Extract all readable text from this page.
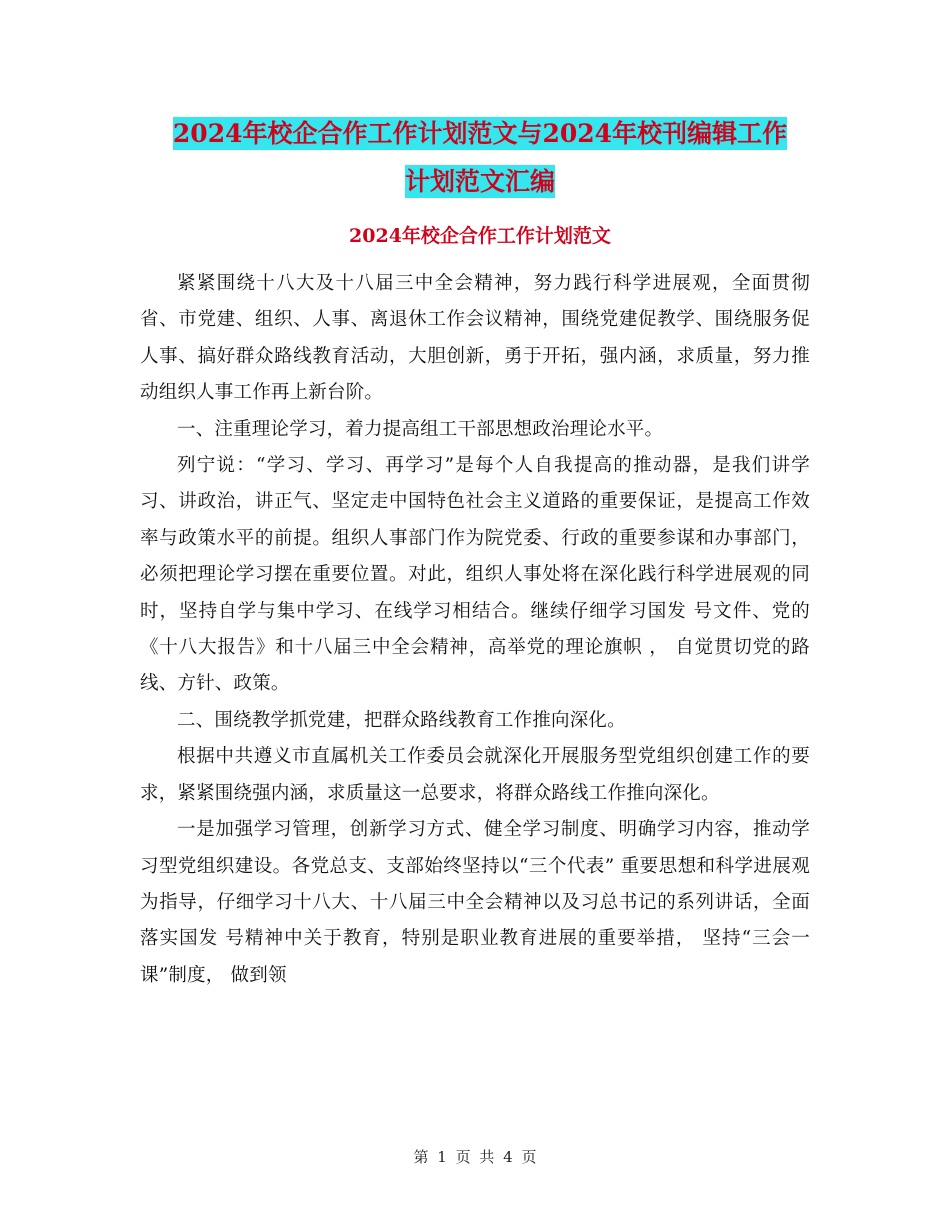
2024年校企合作工作计划范文与2024年校刊编辑工作
计划范文汇编
2024年校企合作工作计划范文

紧紧围绕十八大及十八届三中全会精神，努力践行科学进展观，全面贯彻省、市党建、组织、人事、离退休工作会议精神，围绕党建促教学、围绕服务促人事、搞好群众路线教育活动，大胆创新，勇于开拓，强内涵，求质量，努力推动组织人事工作再上新台阶。

一、注重理论学习，着力提高组工干部思想政治理论水平。

列宁说：“学习、学习、再学习”是每个人自我提高的推动器，是我们讲学习、讲政治，讲正气、坚定走中国特色社会主义道路的重要保证，是提高工作效率与政策水平的前提。组织人事部门作为院党委、行政的重要参谋和办事部门，必须把理论学习摆在重要位置。对此，组织人事处将在深化践行科学进展观的同时，坚持自学与集中学习、在线学习相结合。继续仔细学习国发 号文件、党的《十八大报告》和十八届三中全会精神，高举党的理论旗帜 ， 自觉贯切党的路线、方针、政策。

二、围绕教学抓党建，把群众路线教育工作推向深化。

根据中共遵义市直属机关工作委员会就深化开展服务型党组织创建工作的要求，紧紧围绕强内涵，求质量这一总要求，将群众路线工作推向深化。

一是加强学习管理，创新学习方式、健全学习制度、明确学习内容，推动学习型党组织建设。各党总支、支部始终坚持以“三个代表” 重要思想和科学进展观为指导，仔细学习十八大、十八届三中全会精神以及习总书记的系列讲话，全面落实国发 号精神中关于教育，特别是职业教育进展的重要举措， 坚持“三会一课”制度， 做到领

第 1 页 共 4 页
